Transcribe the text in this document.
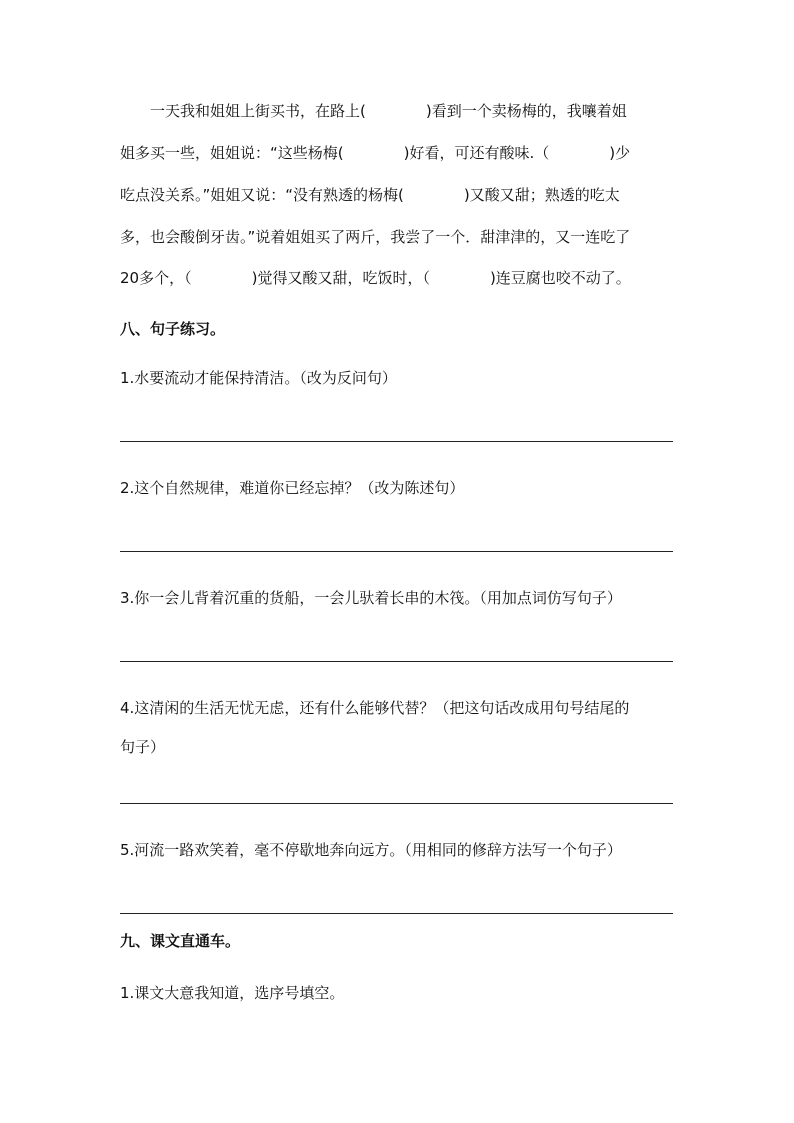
　　一天我和姐姐上街买书，在路上(　　　　)看到一个卖杨梅的，我嚷着姐
姐多买一些，姐姐说：“这些杨梅(　　　　)好看，可还有酸味.（　　　　)少
吃点没关系。”姐姐又说：“没有熟透的杨梅(　　　　)又酸又甜；熟透的吃太
多，也会酸倒牙齿。”说着姐姐买了两斤，我尝了一个．甜津津的，又一连吃了
20多个，（　　　　)觉得又酸又甜，吃饭时，（　　　　)连豆腐也咬不动了。
八、句子练习。
1.水要流动才能保持清洁。（改为反问句）
2.这个自然规律，难道你已经忘掉？（改为陈述句）
3.你一会儿背着沉重的货船，一会儿驮着长串的木筏。（用加点词仿写句子）
4.这清闲的生活无忧无虑，还有什么能够代替？（把这句话改成用句号结尾的
句子）
5.河流一路欢笑着，毫不停歇地奔向远方。（用相同的修辞方法写一个句子）
九、课文直通车。
1.课文大意我知道，选序号填空。
